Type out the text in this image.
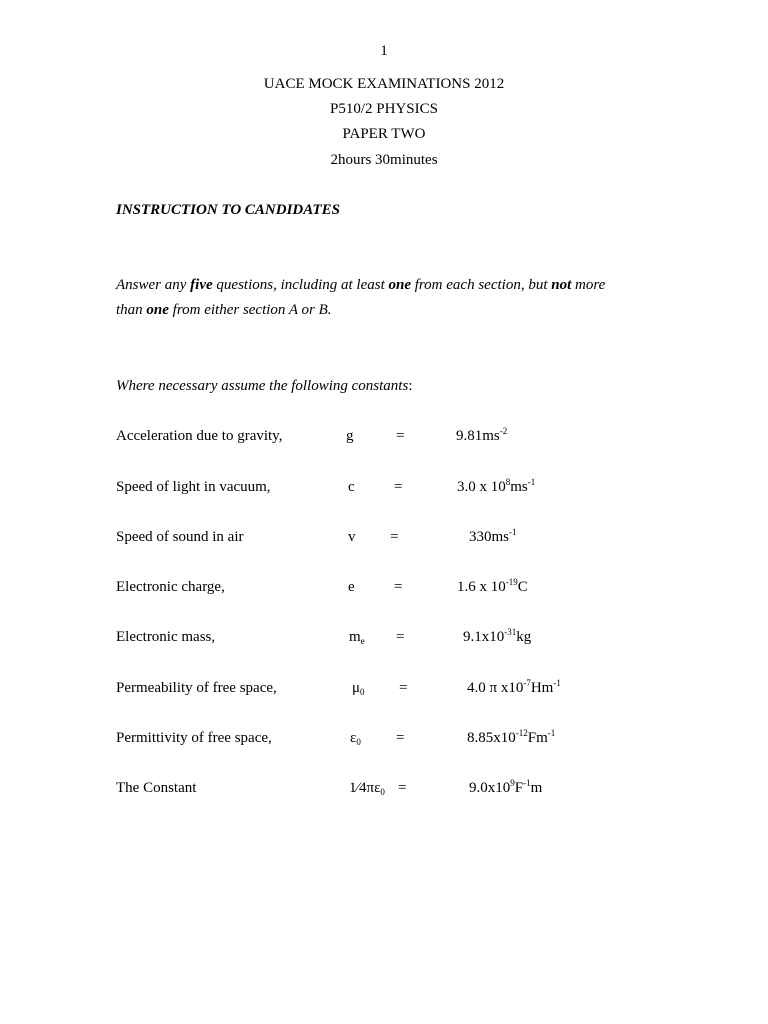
1
UACE MOCK EXAMINATIONS 2012
P510/2 PHYSICS
PAPER TWO
2hours 30minutes
INSTRUCTION TO CANDIDATES
Answer any five questions, including at least one from each section, but not more
than one from either section A or B.
Where necessary assume the following constants:
Acceleration due to gravity,	g	=	$9.81ms^{-2}$
Speed of light in vacuum,	c	=	3.0 x $10^8ms^{-1}$
Speed of sound in air	v =	$330ms^{-1}$
Electronic charge,	e	=	1.6 x $10^{-19}C$
Electronic mass,	$m_e$ =	$9.1x10^{-31}kg$
Permeability of free space,	$\mu_0$ =	4.0 π $x10^{-7}Hm^{-1}$
Permittivity of free space,	$\varepsilon_0$ =	$8.85x10^{-12}Fm^{-1}$
The Constant	$1⁄4\pi\varepsilon_0$ =	$9.0x10^9F^{-1}m$
